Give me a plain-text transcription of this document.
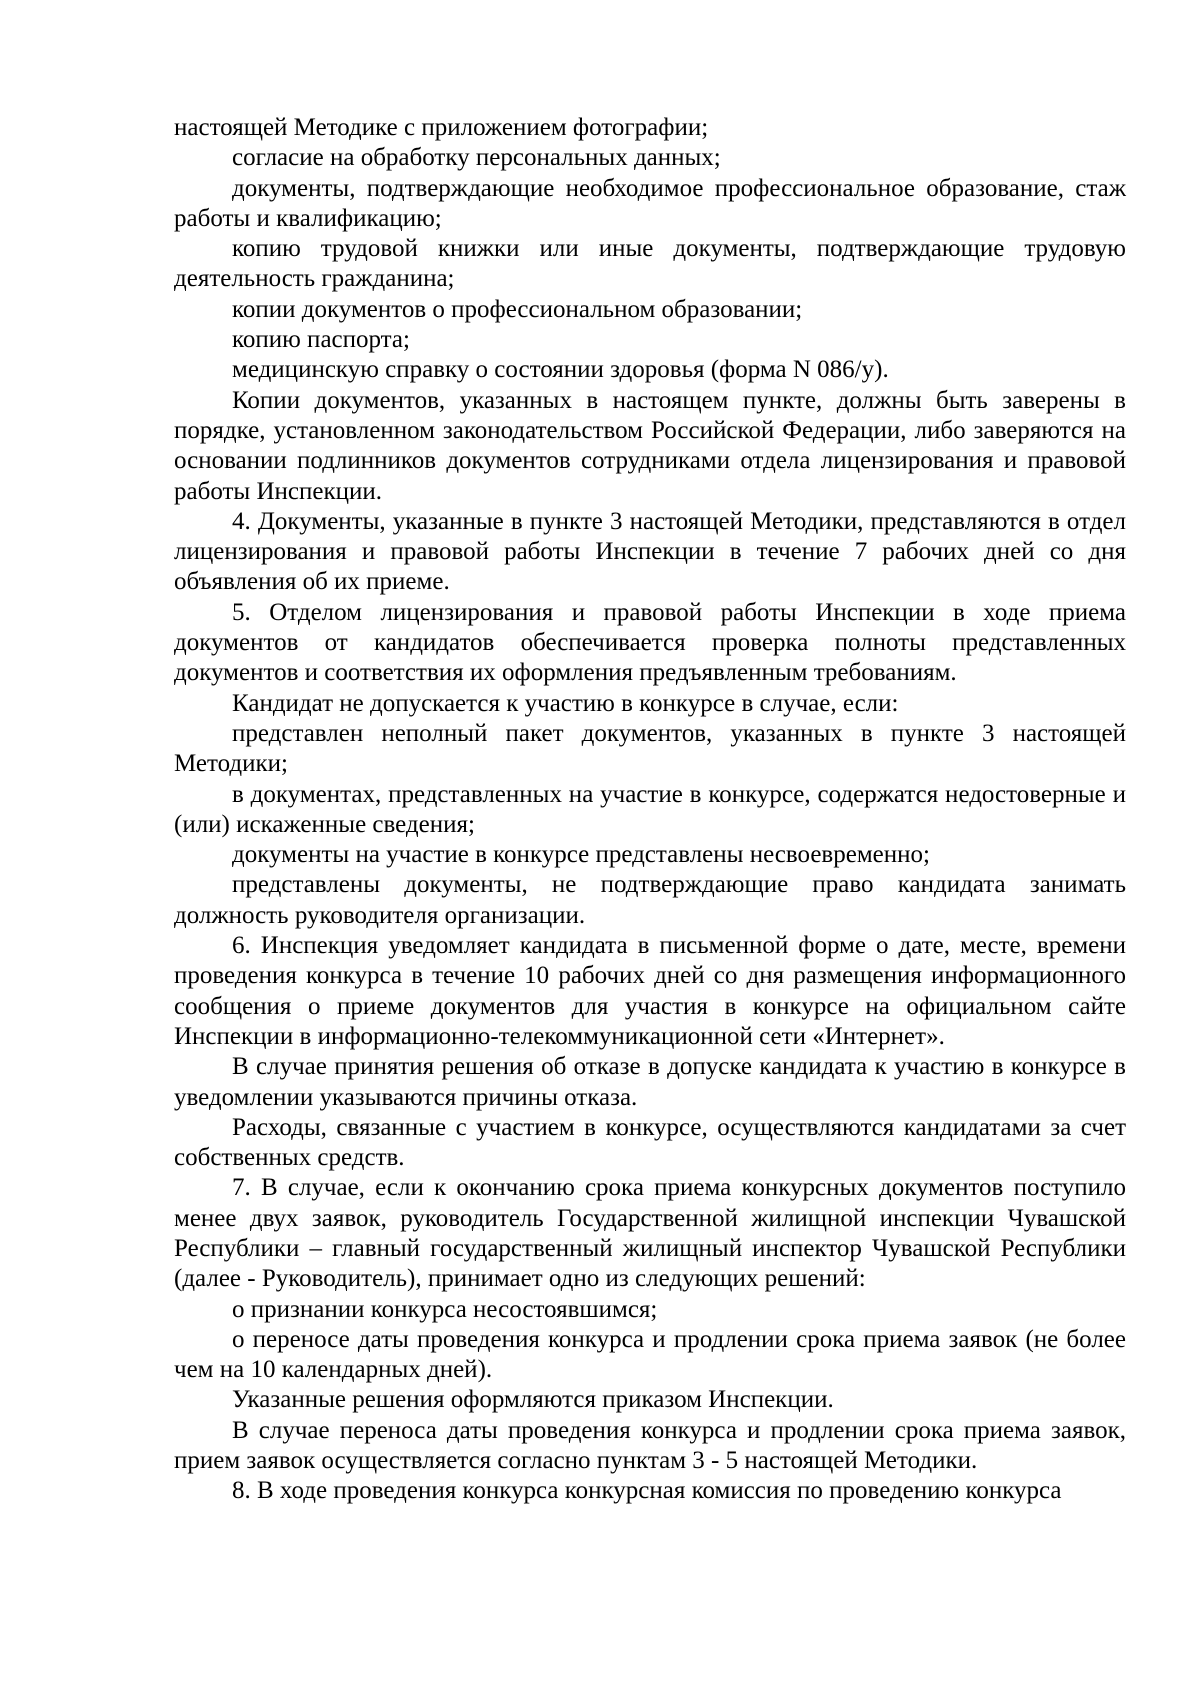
настоящей Методике с приложением фотографии;

согласие на обработку персональных данных;

документы, подтверждающие необходимое профессиональное образование, стаж работы и квалификацию;

копию трудовой книжки или иные документы, подтверждающие трудовую деятельность гражданина;

копии документов о профессиональном образовании;

копию паспорта;

медицинскую справку о состоянии здоровья (форма N 086/у).

Копии документов, указанных в настоящем пункте, должны быть заверены в порядке, установленном законодательством Российской Федерации, либо заверяются на основании подлинников документов сотрудниками отдела лицензирования и правовой работы Инспекции.

4. Документы, указанные в пункте 3 настоящей Методики, представляются в отдел лицензирования и правовой работы Инспекции в течение 7 рабочих дней со дня объявления об их приеме.

5. Отделом лицензирования и правовой работы Инспекции в ходе приема документов от кандидатов обеспечивается проверка полноты представленных документов и соответствия их оформления предъявленным требованиям.

Кандидат не допускается к участию в конкурсе в случае, если:

представлен неполный пакет документов, указанных в пункте 3 настоящей Методики;

в документах, представленных на участие в конкурсе, содержатся недостоверные и (или) искаженные сведения;

документы на участие в конкурсе представлены несвоевременно;

представлены документы, не подтверждающие право кандидата занимать должность руководителя организации.

6. Инспекция уведомляет кандидата в письменной форме о дате, месте, времени проведения конкурса в течение 10 рабочих дней со дня размещения информационного сообщения о приеме документов для участия в конкурсе на официальном сайте Инспекции в информационно-телекоммуникационной сети «Интернет».

В случае принятия решения об отказе в допуске кандидата к участию в конкурсе в уведомлении указываются причины отказа.

Расходы, связанные с участием в конкурсе, осуществляются кандидатами за счет собственных средств.

7. В случае, если к окончанию срока приема конкурсных документов поступило менее двух заявок, руководитель Государственной жилищной инспекции Чувашской Республики – главный государственный жилищный инспектор Чувашской Республики (далее - Руководитель), принимает одно из следующих решений:

о признании конкурса несостоявшимся;

о переносе даты проведения конкурса и продлении срока приема заявок (не более чем на 10 календарных дней).

Указанные решения оформляются приказом Инспекции.

В случае переноса даты проведения конкурса и продлении срока приема заявок, прием заявок осуществляется согласно пунктам 3 - 5 настоящей Методики.

8. В ходе проведения конкурса конкурсная комиссия по проведению конкурса
